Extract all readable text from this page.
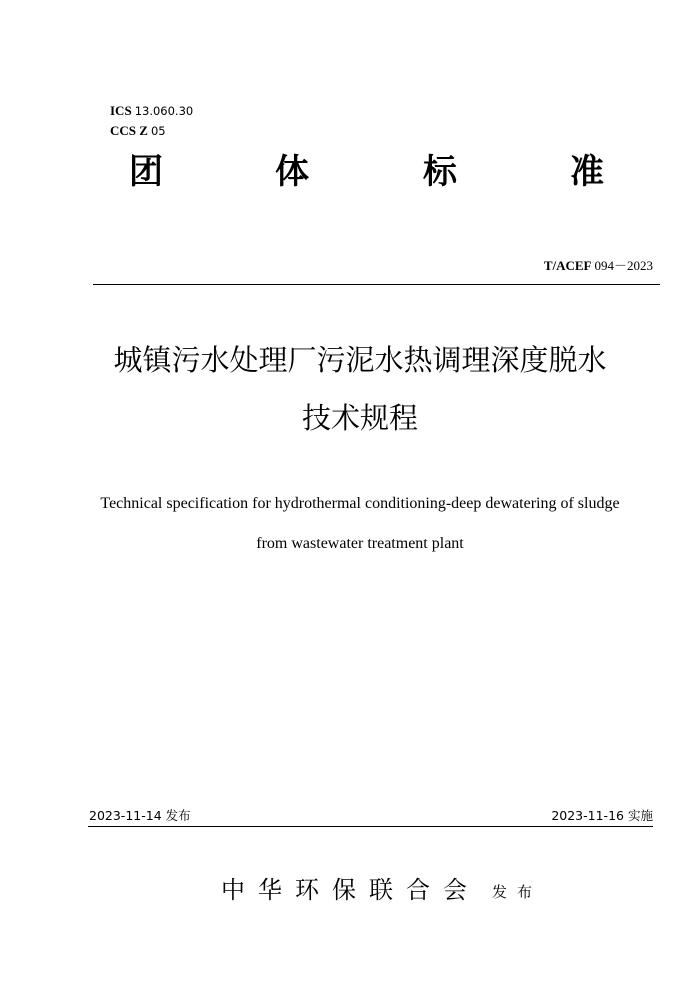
ICS 13.060.30
CCS Z 05
团	体	标	准
T/ACEF 094－2023
城镇污水处理厂污泥水热调理深度脱水
技术规程
Technical specification for hydrothermal conditioning-deep dewatering of sludge
from wastewater treatment plant
2023-11-14 发布	2023-11-16 实施
中华环保联合会 发布
